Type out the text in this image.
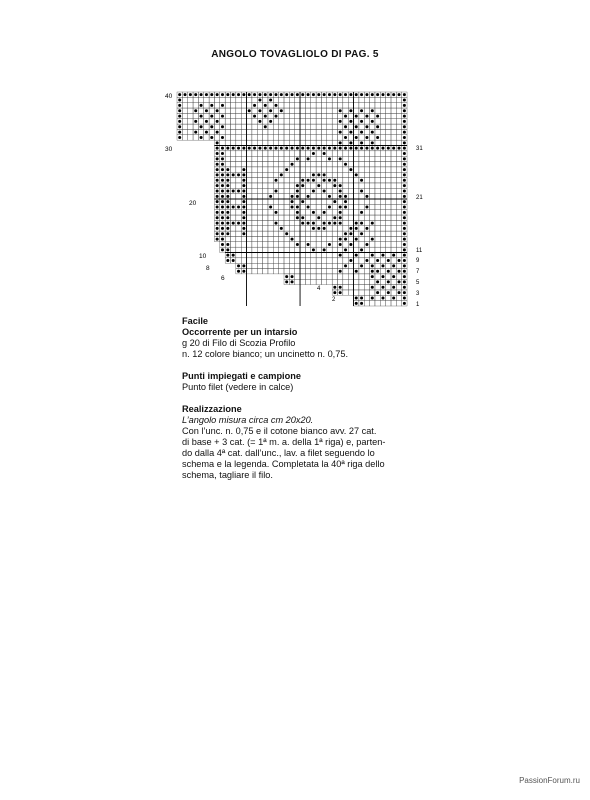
ANGOLO TOVAGLIOLO DI PAG. 5
40
30
20
10
8
6
31
21
11
9
7
5
3
1
4
2
Facile
Occorrente per un intarsio
g 20 di Filo di Scozia Profilo
n. 12 colore bianco; un uncinetto n. 0,75.
Punti impiegati e campione
Punto filet (vedere in calce)
Realizzazione
L’angolo misura circa cm 20x20.
Con l’unc. n. 0,75 e il cotone bianco avv. 27 cat.
di base + 3 cat. (= 1ª m. a. della 1ª riga) e, parten-
do dalla 4ª cat. dall’unc., lav. a filet seguendo lo
schema e la legenda. Completata la 40ª riga dello
schema, tagliare il filo.
PassionForum.ru
